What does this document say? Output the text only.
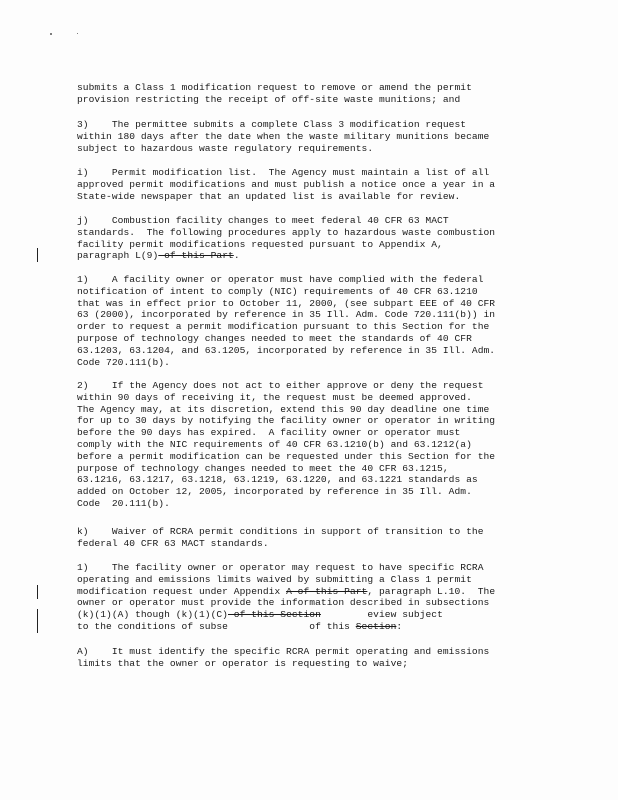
submits a Class 1 modification request to remove or amend the permit
provision restricting the receipt of off-site waste munitions; and
3)    The permittee submits a complete Class 3 modification request
within 180 days after the date when the waste military munitions became
subject to hazardous waste regulatory requirements.
i)    Permit modification list.  The Agency must maintain a list of all
approved permit modifications and must publish a notice once a year in a
State-wide newspaper that an updated list is available for review.
j)    Combustion facility changes to meet federal 40 CFR 63 MACT
standards.  The following procedures apply to hazardous waste combustion
facility permit modifications requested pursuant to Appendix A,
paragraph L(9) of this Part.
1)    A facility owner or operator must have complied with the federal
notification of intent to comply (NIC) requirements of 40 CFR 63.1210
that was in effect prior to October 11, 2000, (see subpart EEE of 40 CFR
63 (2000), incorporated by reference in 35 Ill. Adm. Code 720.111(b)) in
order to request a permit modification pursuant to this Section for the
purpose of technology changes needed to meet the standards of 40 CFR
63.1203, 63.1204, and 63.1205, incorporated by reference in 35 Ill. Adm.
Code 720.111(b).
2)    If the Agency does not act to either approve or deny the request
within 90 days of receiving it, the request must be deemed approved.
The Agency may, at its discretion, extend this 90 day deadline one time
for up to 30 days by notifying the facility owner or operator in writing
before the 90 days has expired.  A facility owner or operator must
comply with the NIC requirements of 40 CFR 63.1210(b) and 63.1212(a)
before a permit modification can be requested under this Section for the
purpose of technology changes needed to meet the 40 CFR 63.1215,
63.1216, 63.1217, 63.1218, 63.1219, 63.1220, and 63.1221 standards as
added on October 12, 2005, incorporated by reference in 35 Ill. Adm.
Code  20.111(b).
k)    Waiver of RCRA permit conditions in support of transition to the
federal 40 CFR 63 MACT standards.
1)    The facility owner or operator may request to have specific RCRA
operating and emissions limits waived by submitting a Class 1 permit
modification request under Appendix A of this Part, paragraph L.10.  The
owner or operator must provide the information described in subsections
(k)(1)(A) though (k)(1)(C) of this Section        eview subject
to the conditions of subse              of this Section:
A)    It must identify the specific RCRA permit operating and emissions
limits that the owner or operator is requesting to waive;
